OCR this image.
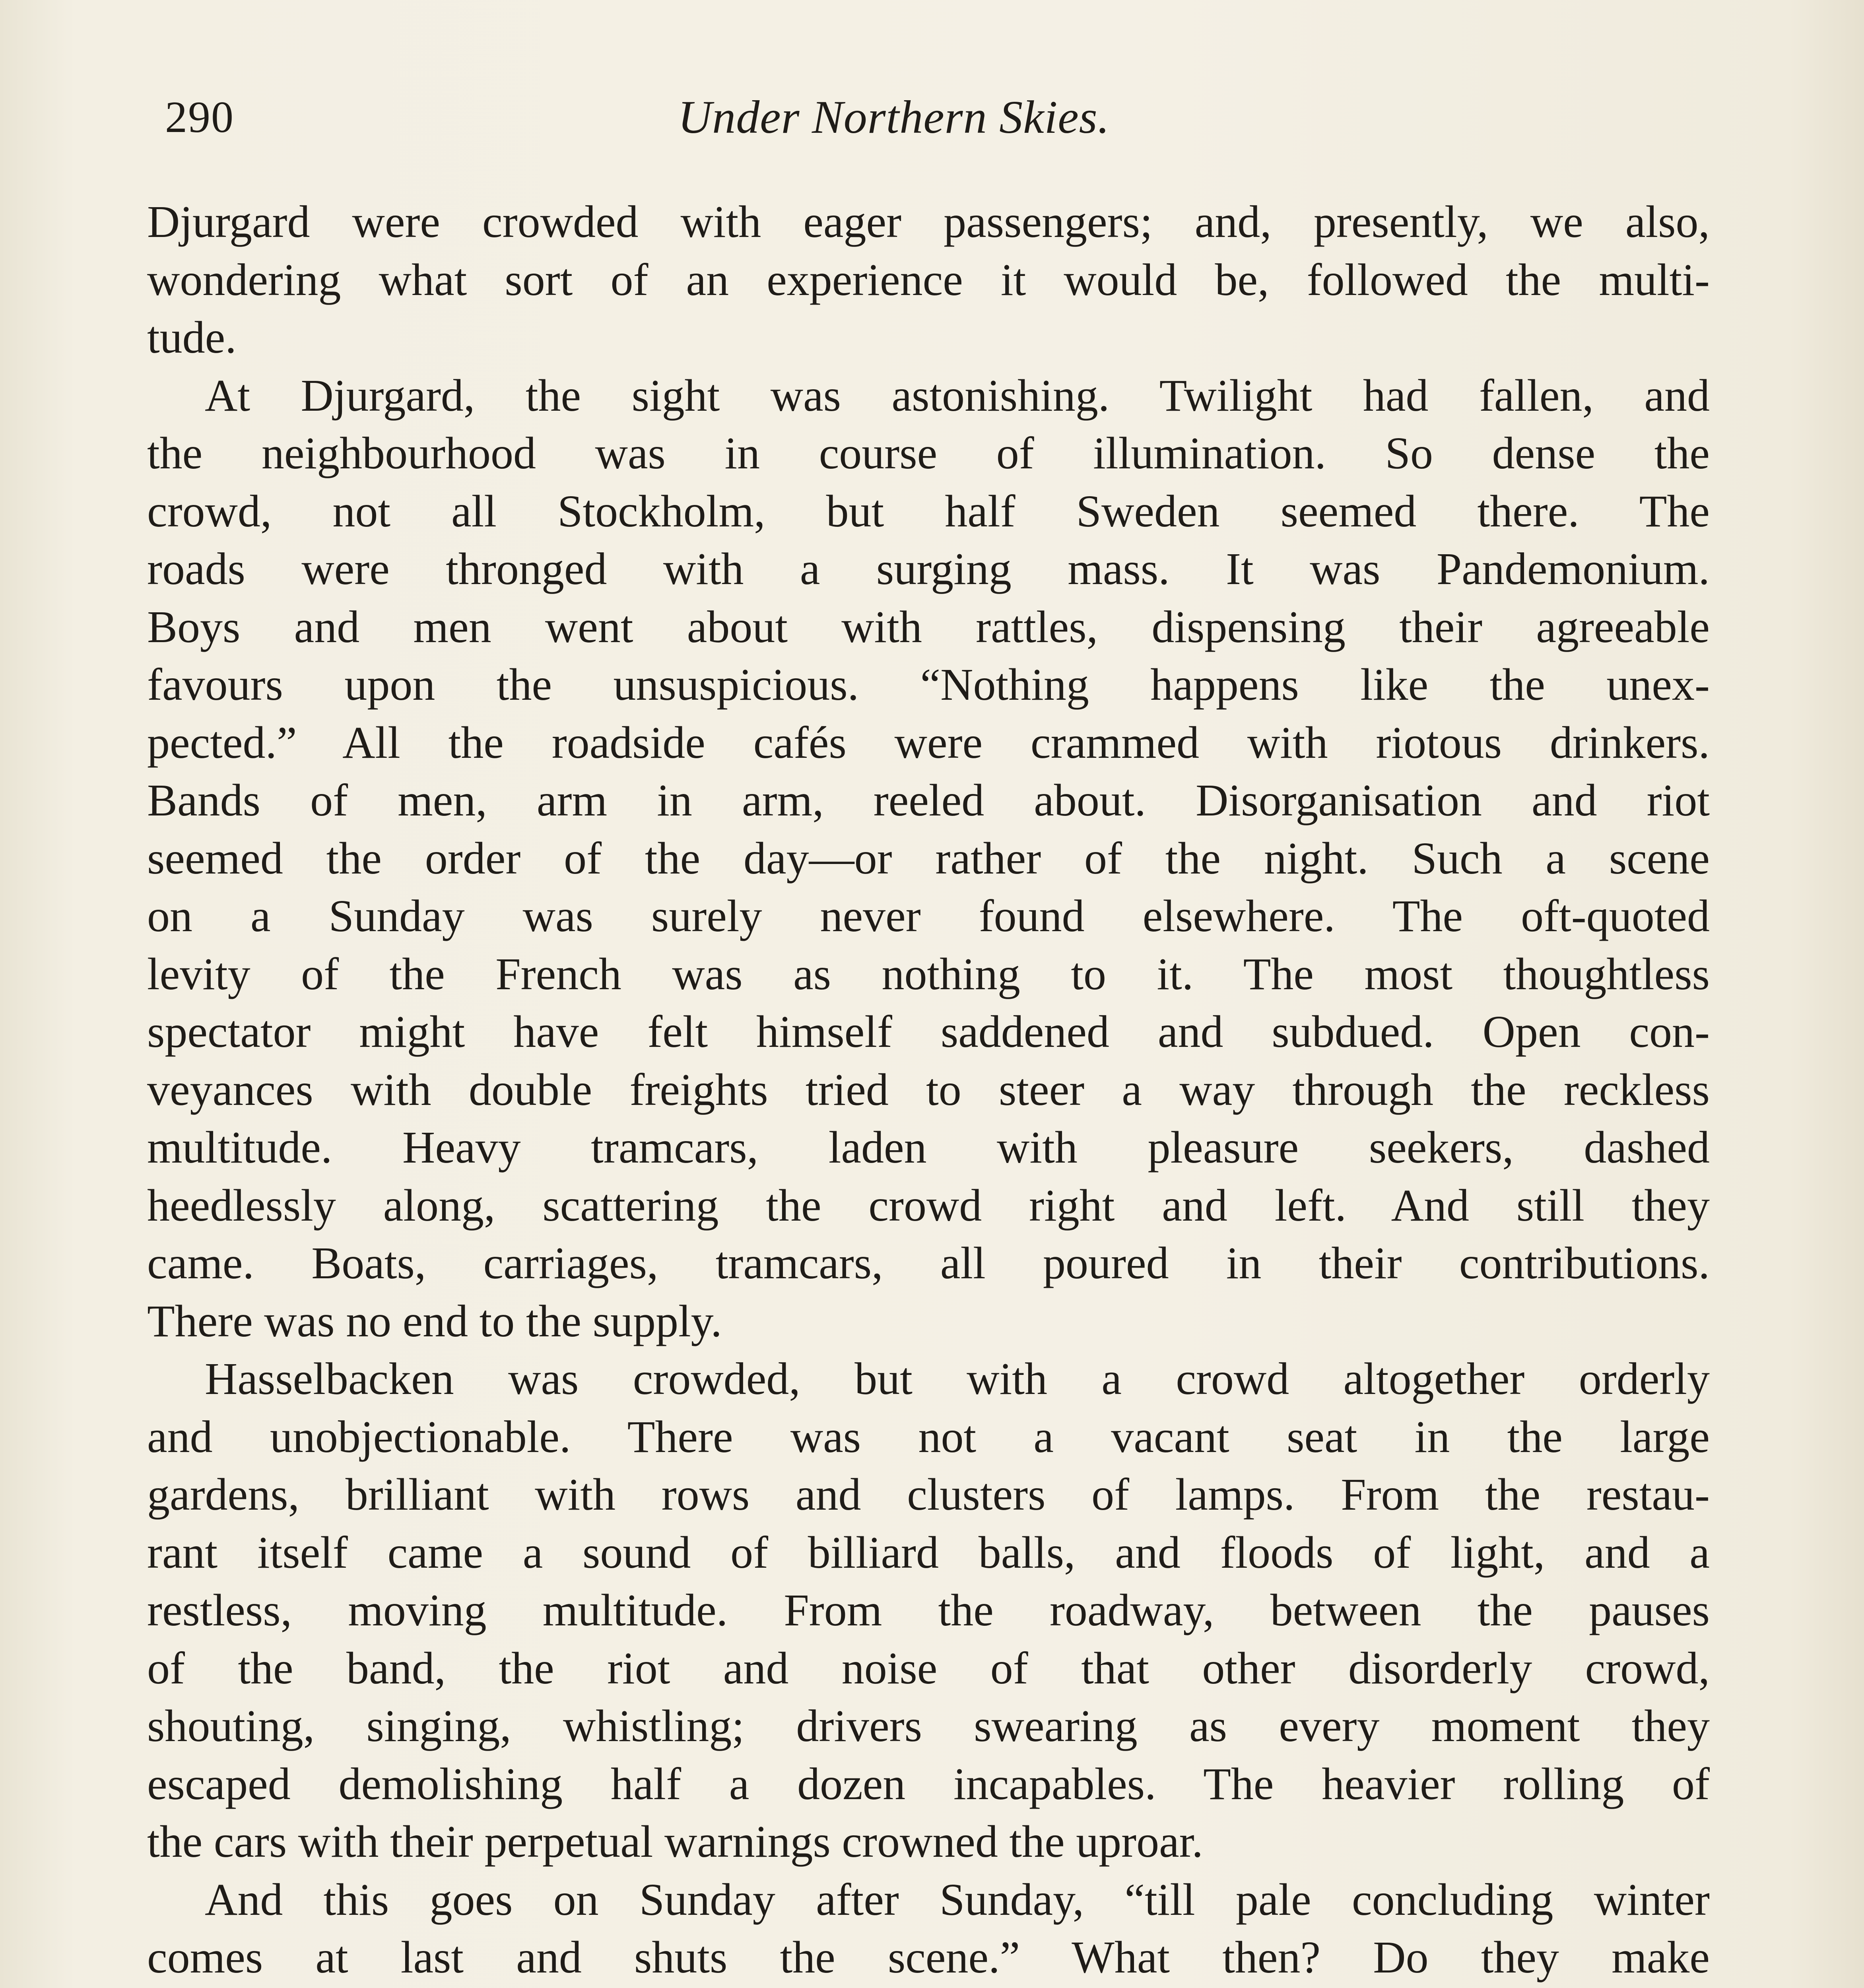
290	Under Northern Skies.
Djurgard were crowded with eager passengers; and, presently, we also,
wondering what sort of an experience it would be, followed the multi-
tude.
At Djurgard, the sight was astonishing. Twilight had fallen, and
the neighbourhood was in course of illumination. So dense the
crowd, not all Stockholm, but half Sweden seemed there. The
roads were thronged with a surging mass. It was Pandemonium.
Boys and men went about with rattles, dispensing their agreeable
favours upon the unsuspicious. “Nothing happens like the unex-
pected.” All the roadside cafés were crammed with riotous drinkers.
Bands of men, arm in arm, reeled about. Disorganisation and riot
seemed the order of the day—or rather of the night. Such a scene
on a Sunday was surely never found elsewhere. The oft-quoted
levity of the French was as nothing to it. The most thoughtless
spectator might have felt himself saddened and subdued. Open con-
veyances with double freights tried to steer a way through the reckless
multitude. Heavy tramcars, laden with pleasure seekers, dashed
heedlessly along, scattering the crowd right and left. And still they
came. Boats, carriages, tramcars, all poured in their contributions.
There was no end to the supply.
Hasselbacken was crowded, but with a crowd altogether orderly
and unobjectionable. There was not a vacant seat in the large
gardens, brilliant with rows and clusters of lamps. From the restau-
rant itself came a sound of billiard balls, and floods of light, and a
restless, moving multitude. From the roadway, between the pauses
of the band, the riot and noise of that other disorderly crowd,
shouting, singing, whistling; drivers swearing as every moment they
escaped demolishing half a dozen incapables. The heavier rolling of
the cars with their perpetual warnings crowned the uproar.
And this goes on Sunday after Sunday, “till pale concluding winter
comes at last and shuts the scene.” What then? Do they make
